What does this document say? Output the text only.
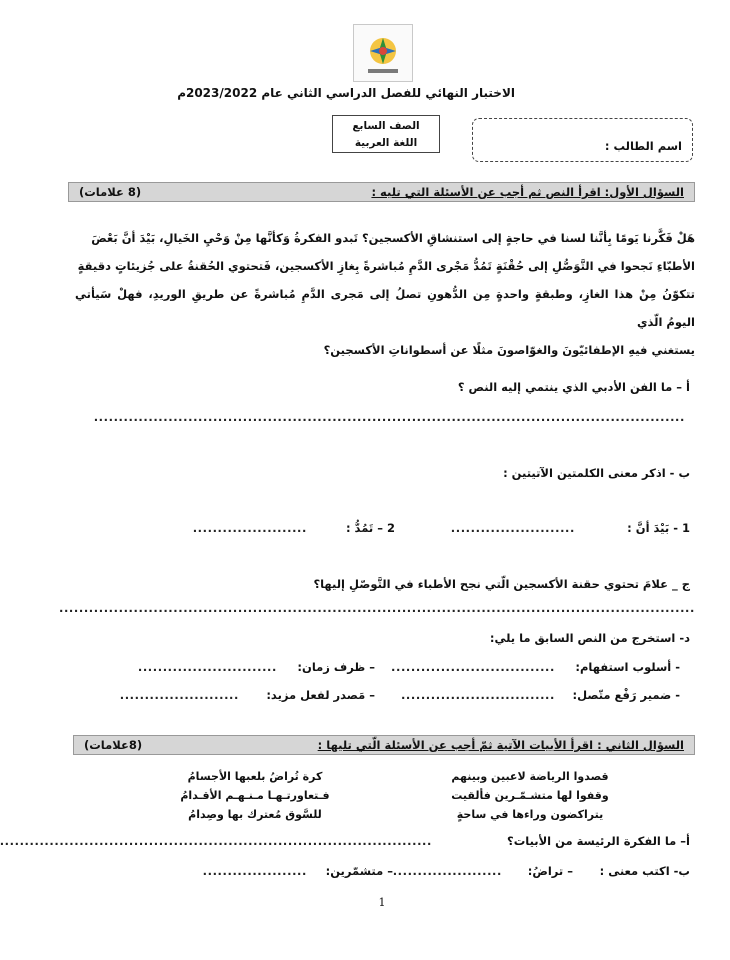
الاختبار النهائي للفصل الدراسي الثاني عام 2023/2022م
الصف السابع
اللغة العربية	اسم الطالب :
السؤال الأول: اقرأ النص ثم أجب عن الأسئلة التي تليه :
(8 علامات)
هَلْ فَكَّرنا يَومًا بِأنَّنا لسنا في حاجةٍ إلى استنشاقِ الأكسجين؟ تَبدو الفكرةُ وَكأنَّها مِنْ وَحْيِ الخَيالِ، بَيْدَ أنَّ بَعْضَ
الأطبّاءِ نَجحوا في التَّوَصُّلِ إلى حُقْنَةٍ تَمُدُّ مَجْرى الدَّمِ مُباشرةً بِغازِ الأكسجين، فَتحتوي الحُقنةُ على جُزيئاتٍ دقيقةٍ
تتكوّنُ مِنْ هذا الغازِ، وطبقةٍ واحدةٍ مِن الدُّهونِ تصلُ إلى مَجرى الدَّمِ مُباشرةً عن طريقِ الوريدِ، فهلْ سَيأتي اليومُ الّذي
يستغني فيهِ الإطفائيّونَ والغوّاصونَ مثلًا عن أسطواناتِ الأكسجين؟
أ – ما الفن الأدبي الذي ينتمي إليه النص ؟
.......................................................................................................................
ب - اذكر معنى الكلمتين الآتيتين :
1 - بَيْدَ أنَّ :
.........................
2 – تَمُدُّ :
.......................
ج _ علامَ تحتوي حقنة الأكسجين الّتي نجح الأطباء في التَّوصّلِ إليها؟
................................................................................................................................
د- استخرج من النص السابق ما يلي:
- أسلوب استفهام:
.................................
– ظرف زمان:
............................
- ضمير رَفْع متّصل:
...............................
– مَصدر لفعل مزيد:
........................
السؤال الثاني : اقرأ الأبيات الآتية ثمّ أجب عن الأسئلة الّتي تليها :
(8علامات)
قصدوا الرياضة لاعبين وبينهم
كرة تُراضُ بلعبها الأجسامُ
وقفوا لها متشـمّـرين فألقيت
فـتعاورتـهـا مـنـهـم الأقـدامُ
يتراكضون وراءها في ساحةٍ
للسَّوق مُعترك بها وصِدامُ
أ– ما الفكرة الرئيسة من الأبيات؟
.......................................................................................
ب- اكتب معنى :
– تراضُ:
......................
– متشمّرين:
.....................
1
